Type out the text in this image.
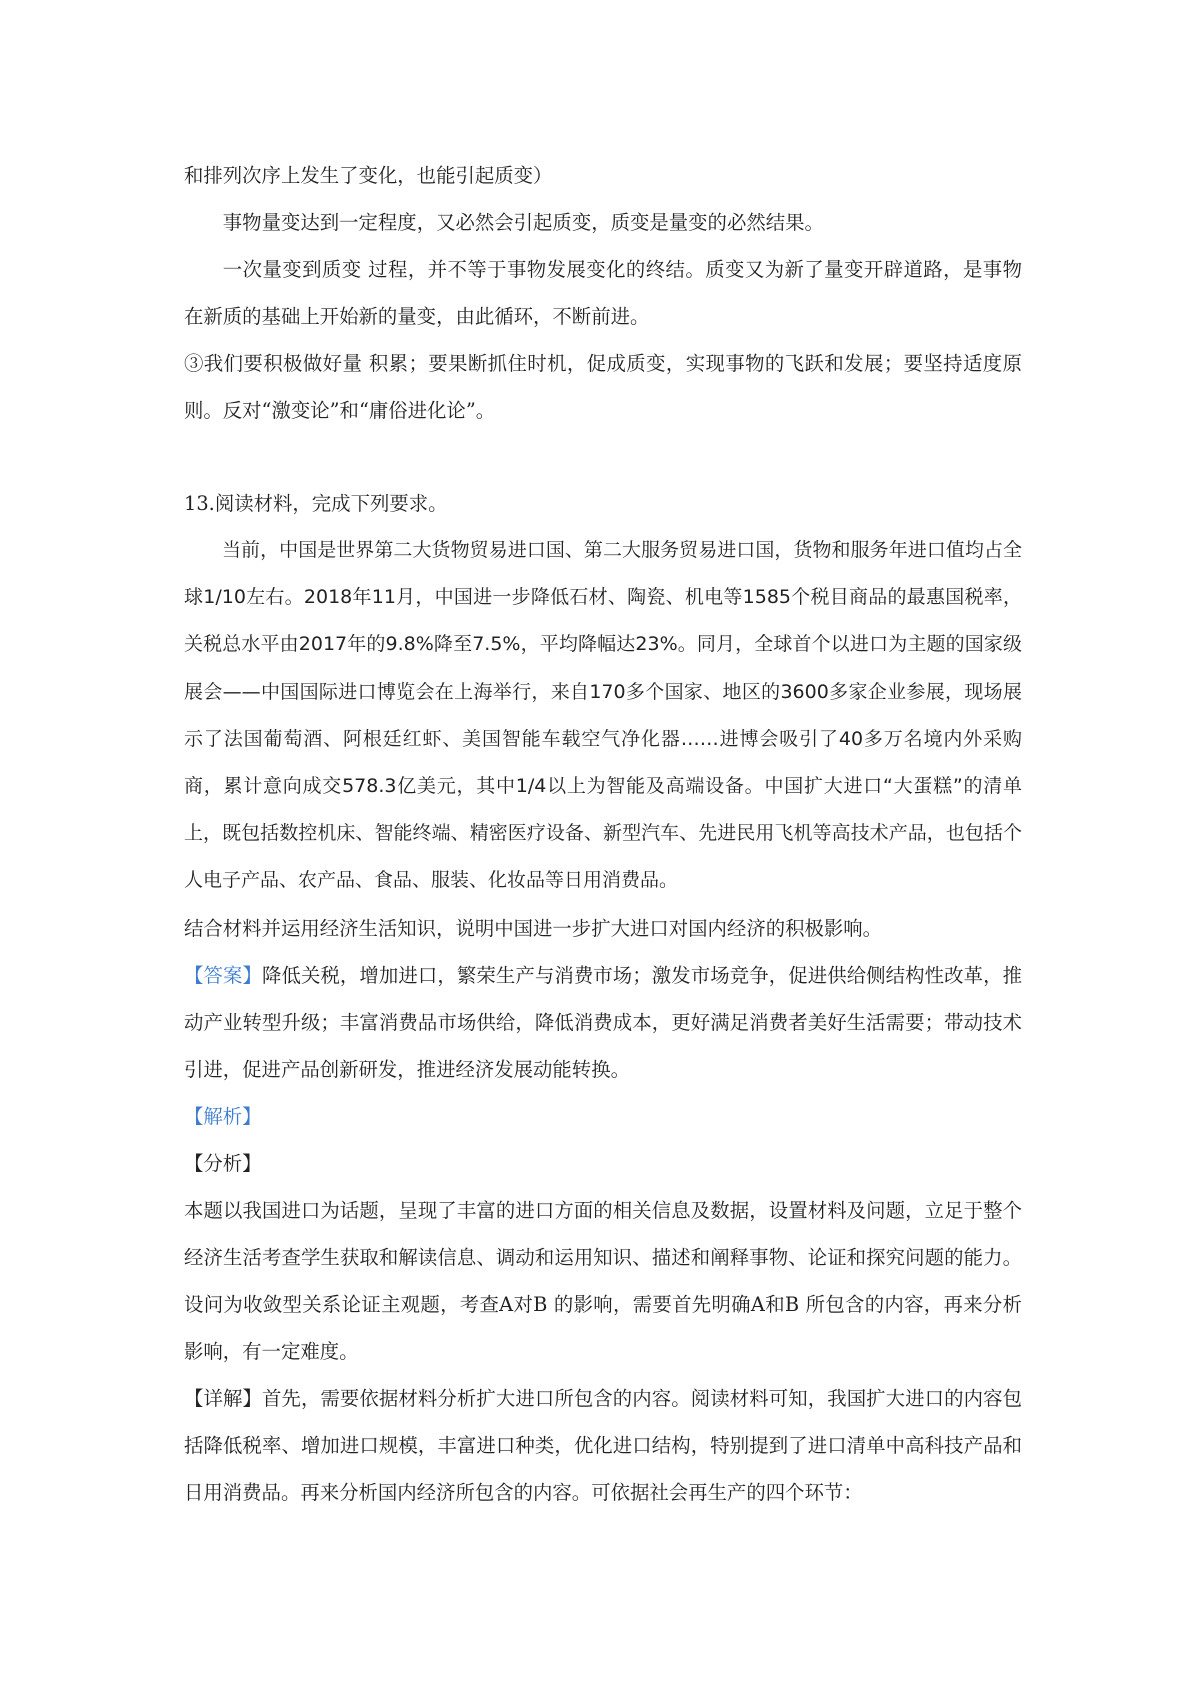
和排列次序上发生了变化，也能引起质变）

事物量变达到一定程度，又必然会引起质变，质变是量变的必然结果。

一次量变到质变 过程，并不等于事物发展变化的终结。质变又为新了量变开辟道路，是事物在新质的基础上开始新的量变，由此循环，不断前进。

③我们要积极做好量 积累；要果断抓住时机，促成质变，实现事物的飞跃和发展；要坚持适度原则。反对“激变论”和“庸俗进化论”。

13.阅读材料，完成下列要求。

当前，中国是世界第二大货物贸易进口国、第二大服务贸易进口国，货物和服务年进口值均占全球1/10左右。2018年11月，中国进一步降低石材、陶瓷、机电等1585个税目商品的最惠国税率，关税总水平由2017年的9.8%降至7.5%，平均降幅达23%。同月，全球首个以进口为主题的国家级展会——中国国际进口博览会在上海举行，来自170多个国家、地区的3600多家企业参展，现场展示了法国葡萄酒、阿根廷红虾、美国智能车载空气净化器……进博会吸引了40多万名境内外采购商，累计意向成交578.3亿美元，其中1/4以上为智能及高端设备。中国扩大进口“大蛋糕”的清单上，既包括数控机床、智能终端、精密医疗设备、新型汽车、先进民用飞机等高技术产品，也包括个人电子产品、农产品、食品、服装、化妆品等日用消费品。

结合材料并运用经济生活知识，说明中国进一步扩大进口对国内经济的积极影响。

【答案】降低关税，增加进口，繁荣生产与消费市场；激发市场竞争，促进供给侧结构性改革，推动产业转型升级；丰富消费品市场供给，降低消费成本，更好满足消费者美好生活需要；带动技术引进，促进产品创新研发，推进经济发展动能转换。

【解析】

【分析】

本题以我国进口为话题，呈现了丰富的进口方面的相关信息及数据，设置材料及问题，立足于整个经济生活考查学生获取和解读信息、调动和运用知识、描述和阐释事物、论证和探究问题的能力。设问为收敛型关系论证主观题，考查A对B 的影响，需要首先明确A和B 所包含的内容，再来分析影响，有一定难度。

【详解】首先，需要依据材料分析扩大进口所包含的内容。阅读材料可知，我国扩大进口的内容包括降低税率、增加进口规模，丰富进口种类，优化进口结构，特别提到了进口清单中高科技产品和日用消费品。再来分析国内经济所包含的内容。可依据社会再生产的四个环节：
